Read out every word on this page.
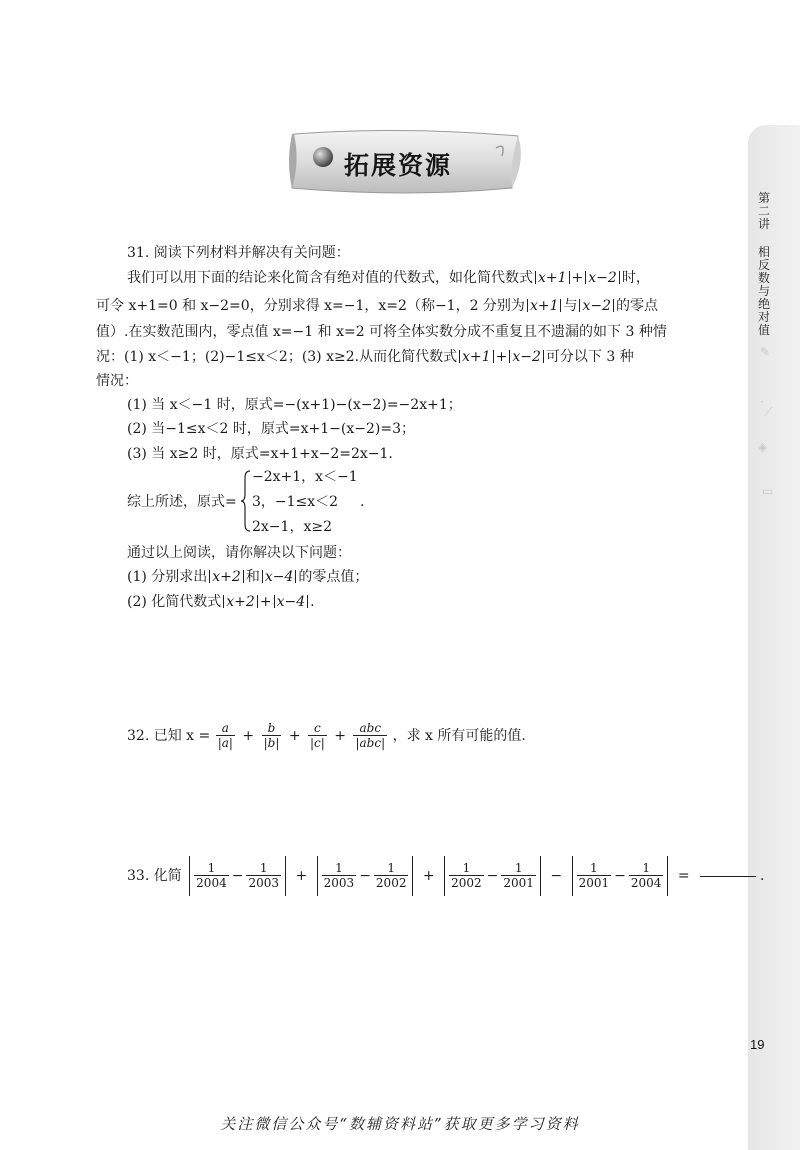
第二讲
相反数与绝对值
✎
·
⟋
◈
▭
19
拓展资源
31. 阅读下列材料并解决有关问题：
我们可以用下面的结论来化简含有绝对值的代数式，如化简代数式 x+1 + x−2 时，
可令 x+1=0 和 x−2=0，分别求得 x=−1，x=2（称−1，2 分别为 x+1 与 x−2 的零点
值）.在实数范围内，零点值 x=−1 和 x=2 可将全体实数分成不重复且不遗漏的如下 3 种情
况：(1) x＜−1；(2)−1≤x＜2；(3) x≥2.从而化简代数式 x+1 + x−2 可分以下 3 种
情况：
(1) 当 x＜−1 时，原式=−(x+1)−(x−2)=−2x+1；
(2) 当−1≤x＜2 时，原式=x+1−(x−2)=3；
(3) 当 x≥2 时，原式=x+1+x−2=2x−1.
综上所述，原式=
−2x+1，x＜−1
3，−1≤x＜2
2x−1，x≥2
.
通过以上阅读，请你解决以下问题：
(1) 分别求出 x+2 和 x−4 的零点值；
(2) 化简代数式 x+2 + x−4 .
32. 已知 $x = \frac{a}{|a|} + \frac{b}{|b|} + \frac{c}{|c|} + \frac{\text{abc}}{\text{|abc|}}$ ，求 x 所有可能的值.
33. 化简 $\frac{1}{2004} - \frac{1}{2003} + \frac{1}{2003} - \frac{1}{2002} + \frac{1}{2002} - \frac{1}{2001} - \frac{1}{2001} - \frac{1}{2004}$ =	.
关注微信公众号“数辅资料站”获取更多学习资料
